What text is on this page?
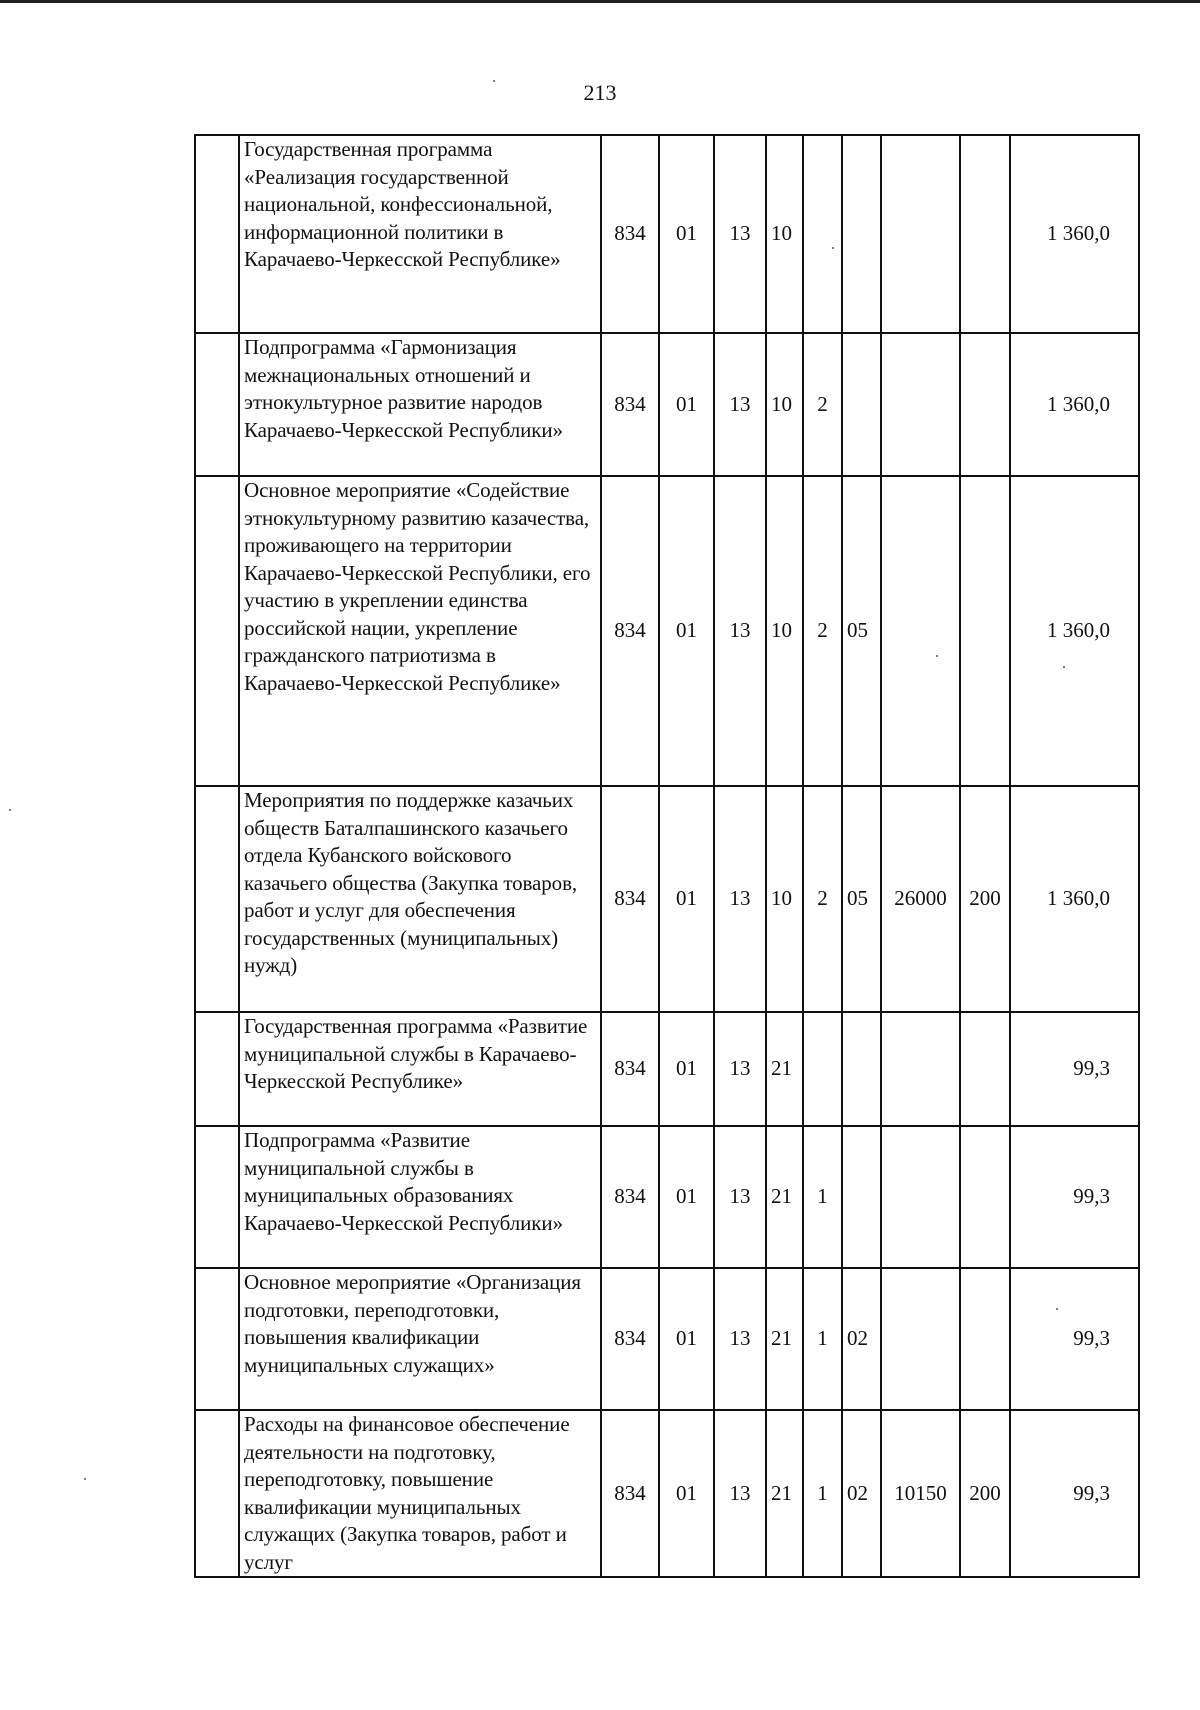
213
	Государственная программа «Реализация государственной национальной, конфессиональной, информационной политики в Карачаево-Черкесской Республике»	834	01	13	10					1 360,0
	Подпрограмма «Гармонизация межнациональных отношений и этнокультурное развитие народов Карачаево-Черкесской Республики»	834	01	13	10	2				1 360,0
	Основное мероприятие «Содействие этнокультурному развитию казачества, проживающего на территории Карачаево-Черкесской Республики, его участию в укреплении единства российской нации, укрепление гражданского патриотизма в Карачаево-Черкесской Республике»	834	01	13	10	2	05			1 360,0
	Мероприятия по поддержке казачьих обществ Баталпашинского казачьего отдела Кубанского войскового казачьего общества (Закупка товаров, работ и услуг для обеспечения государственных (муниципальных) нужд)	834	01	13	10	2	05	26000	200	1 360,0
	Государственная программа «Развитие муниципальной службы в Карачаево-Черкесской Республике»	834	01	13	21					99,3
	Подпрограмма «Развитие муниципальной службы в муниципальных образованиях Карачаево-Черкесской Республики»	834	01	13	21	1				99,3
	Основное мероприятие «Организация подготовки, переподготовки, повышения квалификации муниципальных служащих»	834	01	13	21	1	02			99,3
	Расходы на финансовое обеспечение деятельности на подготовку, переподготовку, повышение квалификации муниципальных служащих (Закупка товаров, работ и услуг	834	01	13	21	1	02	10150	200	99,3
